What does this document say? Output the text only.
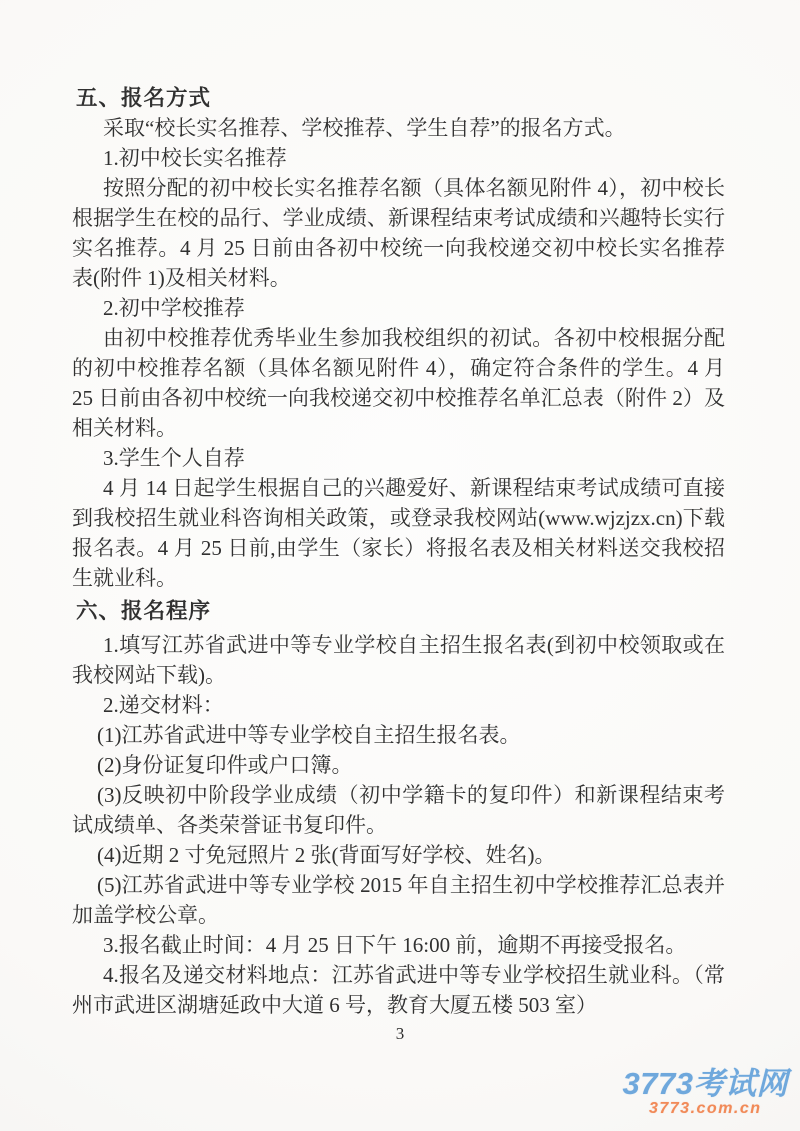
五、报名方式

采取“校长实名推荐、学校推荐、学生自荐”的报名方式。

1.初中校长实名推荐

按照分配的初中校长实名推荐名额（具体名额见附件 4），初中校长根据学生在校的品行、学业成绩、新课程结束考试成绩和兴趣特长实行实名推荐。4 月 25 日前由各初中校统一向我校递交初中校长实名推荐表(附件 1)及相关材料。

2.初中学校推荐

由初中校推荐优秀毕业生参加我校组织的初试。各初中校根据分配的初中校推荐名额（具体名额见附件 4），确定符合条件的学生。4 月 25 日前由各初中校统一向我校递交初中校推荐名单汇总表（附件 2）及相关材料。

3.学生个人自荐

4 月 14 日起学生根据自己的兴趣爱好、新课程结束考试成绩可直接到我校招生就业科咨询相关政策，或登录我校网站(www.wjzjzx.cn)下载报名表。4 月 25 日前,由学生（家长）将报名表及相关材料送交我校招生就业科。

六、报名程序

1.填写江苏省武进中等专业学校自主招生报名表(到初中校领取或在我校网站下载)。

2.递交材料：

(1)江苏省武进中等专业学校自主招生报名表。

(2)身份证复印件或户口簿。

(3)反映初中阶段学业成绩（初中学籍卡的复印件）和新课程结束考试成绩单、各类荣誉证书复印件。

(4)近期 2 寸免冠照片 2 张(背面写好学校、姓名)。

(5)江苏省武进中等专业学校 2015 年自主招生初中学校推荐汇总表并加盖学校公章。

3.报名截止时间：4 月 25 日下午 16:00 前，逾期不再接受报名。

4.报名及递交材料地点：江苏省武进中等专业学校招生就业科。（常州市武进区湖塘延政中大道 6 号，教育大厦五楼 503 室）

3
3773考试网
3773.com.cn
